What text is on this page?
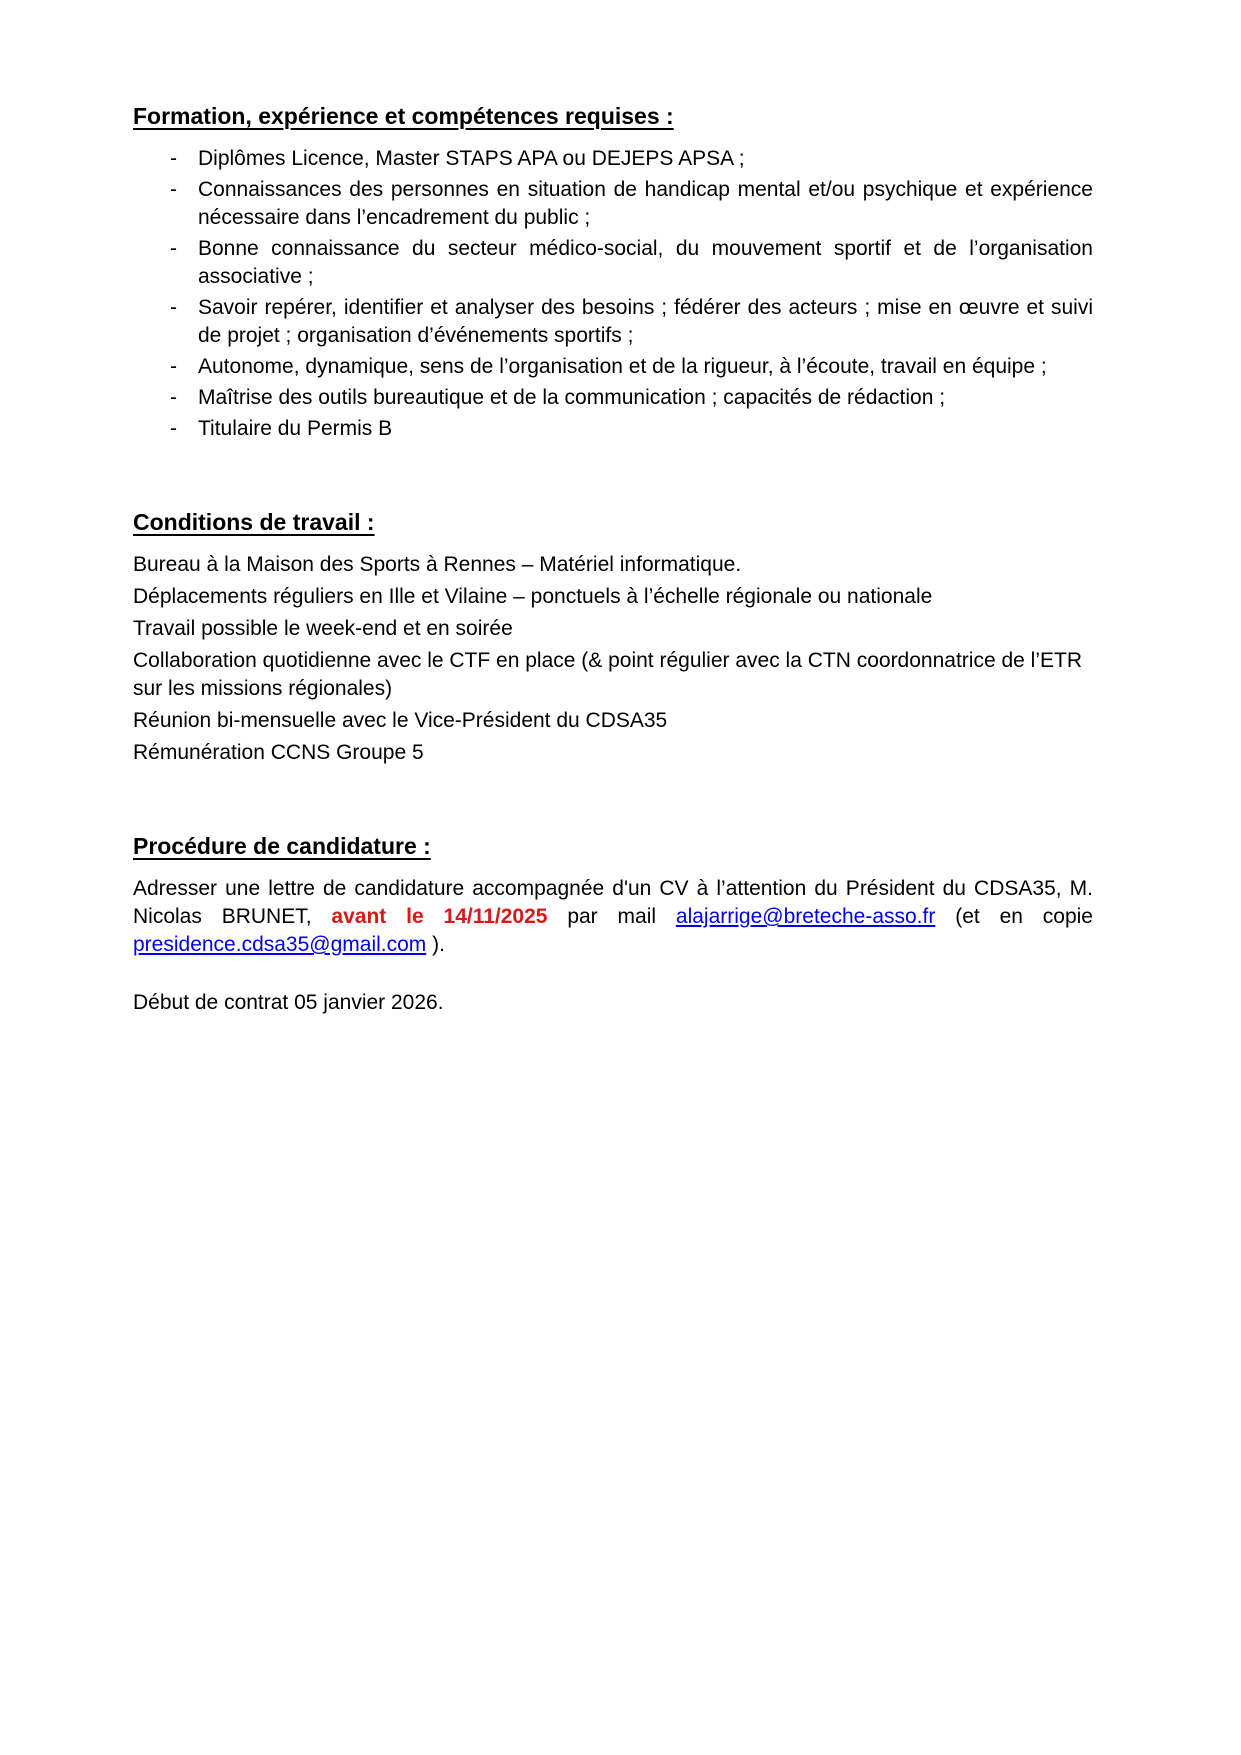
Formation, expérience et compétences requises :
- Diplômes Licence, Master STAPS APA ou DEJEPS APSA ;
- Connaissances des personnes en situation de handicap mental et/ou psychique et expérience nécessaire dans l’encadrement du public ;
- Bonne connaissance du secteur médico-social, du mouvement sportif et de l’organisation associative ;
- Savoir repérer, identifier et analyser des besoins ; fédérer des acteurs ; mise en œuvre et suivi de projet ; organisation d’événements sportifs ;
- Autonome, dynamique, sens de l’organisation et de la rigueur, à l’écoute, travail en équipe ;
- Maîtrise des outils bureautique et de la communication ; capacités de rédaction ;
- Titulaire du Permis B
Conditions de travail :

Bureau à la Maison des Sports à Rennes – Matériel informatique.

Déplacements réguliers en Ille et Vilaine – ponctuels à l’échelle régionale ou nationale

Travail possible le week-end et en soirée

Collaboration quotidienne avec le CTF en place (& point régulier avec la CTN coordonnatrice de l’ETR sur les missions régionales)

Réunion bi-mensuelle avec le Vice-Président du CDSA35

Rémunération CCNS Groupe 5

Procédure de candidature :

Adresser une lettre de candidature accompagnée d'un CV à l’attention du Président du CDSA35, M. Nicolas BRUNET, avant le 14/11/2025 par mail alajarrige@breteche-asso.fr (et en copie presidence.cdsa35@gmail.com ).

Début de contrat 05 janvier 2026.
